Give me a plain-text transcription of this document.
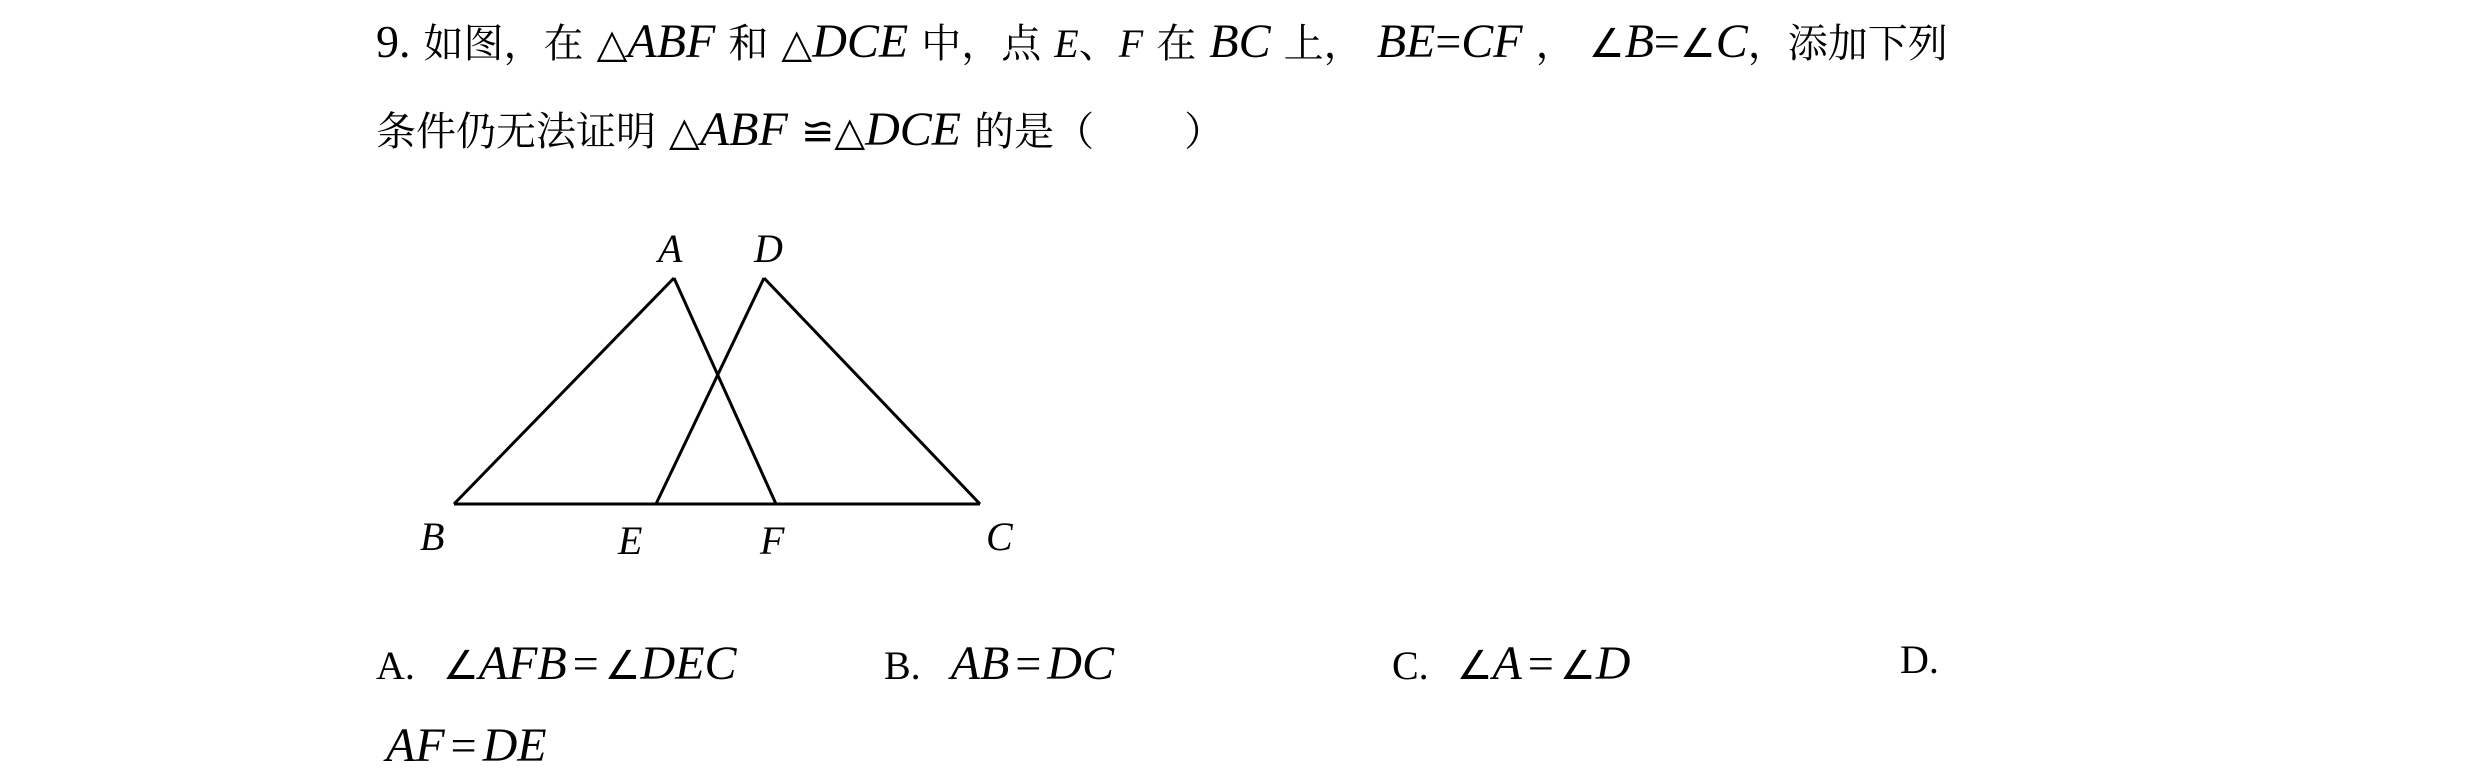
9. 如图，在 △ABF 和 △DCE 中，点 E、F 在 BC 上， BE=CF ， ∠B=∠C，添加下列
条件仍无法证明 △ABF ≌△DCE 的是（ ）
A D
B	E	F	C
A. ∠AFB = ∠DEC	B. AB = DC	C. ∠A = ∠D	D.
AF = DE
